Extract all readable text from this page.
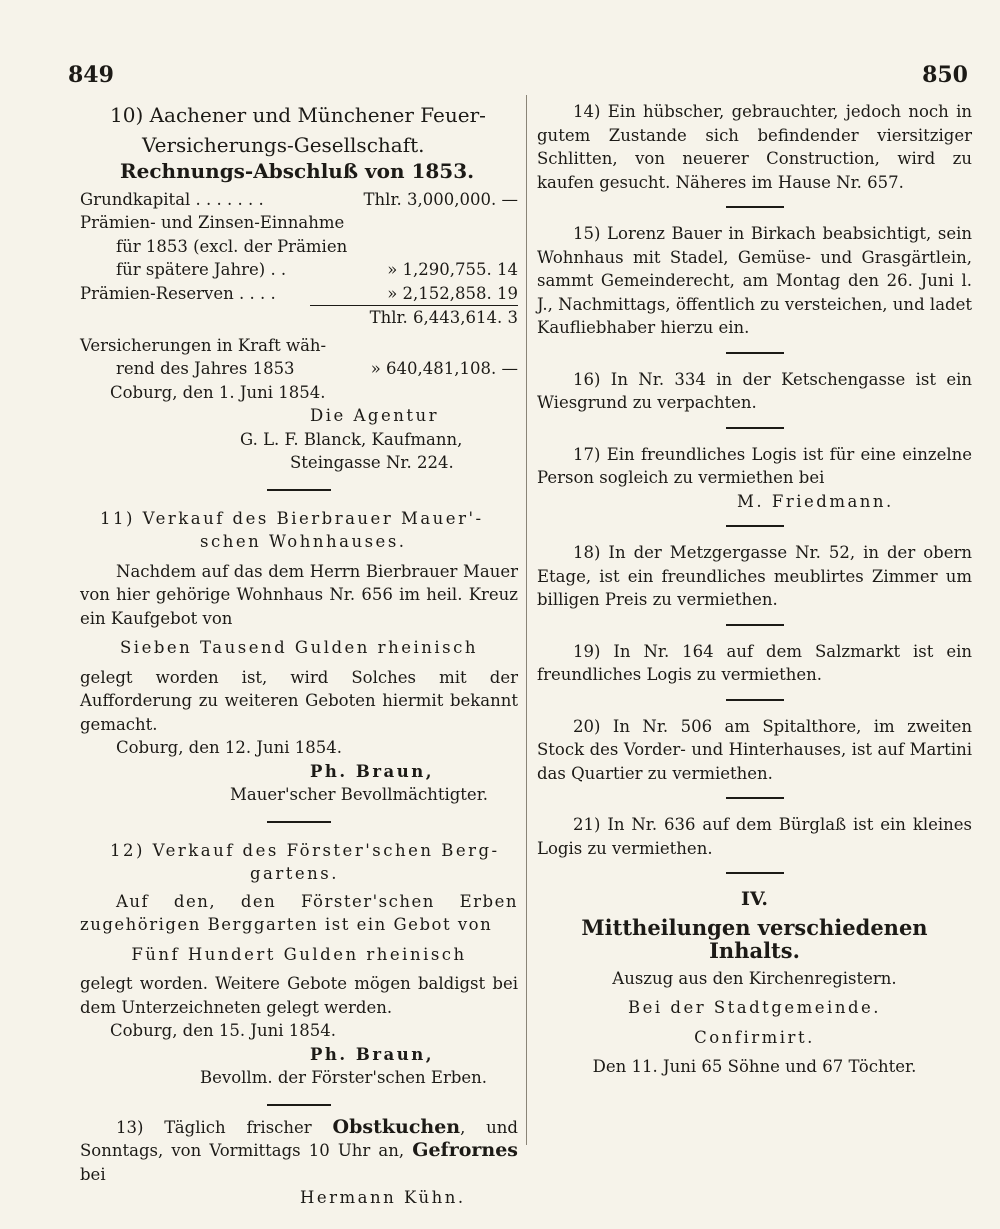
849	850

10) Aachener und Münchener Feuer-

Versicherungs-Gesellschaft.

Rechnungs-Abschluß von 1853.

Grundkapital . . . . . . .	Thlr. 3,000,000. —

Prämien- und Zinsen-Einnahme

für 1853 (excl. der Prämien

für spätere Jahre) . .	» 1,290,755. 14
Prämien-Reserven . . . .	» 2,152,858. 19
Thlr. 6,443,614. 3

Versicherungen in Kraft wäh-

rend des Jahres 1853	» 640,481,108. —

Coburg, den 1. Juni 1854.

Die Agentur

G. L. F. Blanck, Kaufmann,

Steingasse Nr. 224.

11) Verkauf des Bierbrauer Mauer'-

schen Wohnhauses.

Nachdem auf das dem Herrn Bierbrauer Mauer von hier gehörige Wohnhaus Nr. 656 im heil. Kreuz ein Kaufgebot von

Sieben Tausend Gulden rheinisch

gelegt worden ist, wird Solches mit der Aufforderung zu weiteren Geboten hiermit bekannt gemacht.

Coburg, den 12. Juni 1854.

Ph. Braun,

Mauer'scher Bevollmächtigter.

12) Verkauf des Förster'schen Berg-

gartens.

Auf den, den Förster'schen Erben zugehörigen Berggarten ist ein Gebot von

Fünf Hundert Gulden rheinisch

gelegt worden. Weitere Gebote mögen baldigst bei dem Unterzeichneten gelegt werden.

Coburg, den 15. Juni 1854.

Ph. Braun,

Bevollm. der Förster'schen Erben.

13) Täglich frischer Obstkuchen, und Sonntags, von Vormittags 10 Uhr an, Gefrornes bei

Hermann Kühn.

14) Ein hübscher, gebrauchter, jedoch noch in gutem Zustande sich befindender viersitziger Schlitten, von neuerer Construction, wird zu kaufen gesucht. Näheres im Hause Nr. 657.

15) Lorenz Bauer in Birkach beabsichtigt, sein Wohnhaus mit Stadel, Gemüse- und Grasgärtlein, sammt Gemeinderecht, am Montag den 26. Juni l. J., Nachmittags, öffentlich zu versteichen, und ladet Kaufliebhaber hierzu ein.

16) In Nr. 334 in der Ketschengasse ist ein Wiesgrund zu verpachten.

17) Ein freundliches Logis ist für eine einzelne Person sogleich zu vermiethen bei

M. Friedmann.

18) In der Metzgergasse Nr. 52, in der obern Etage, ist ein freundliches meublirtes Zimmer um billigen Preis zu vermiethen.

19) In Nr. 164 auf dem Salzmarkt ist ein freundliches Logis zu vermiethen.

20) In Nr. 506 am Spitalthore, im zweiten Stock des Vorder- und Hinterhauses, ist auf Martini das Quartier zu vermiethen.

21) In Nr. 636 auf dem Bürglaß ist ein kleines Logis zu vermiethen.

IV.

Mittheilungen verschiedenen Inhalts.

Auszug aus den Kirchenregistern.

Bei der Stadtgemeinde.

Confirmirt.

Den 11. Juni 65 Söhne und 67 Töchter.
